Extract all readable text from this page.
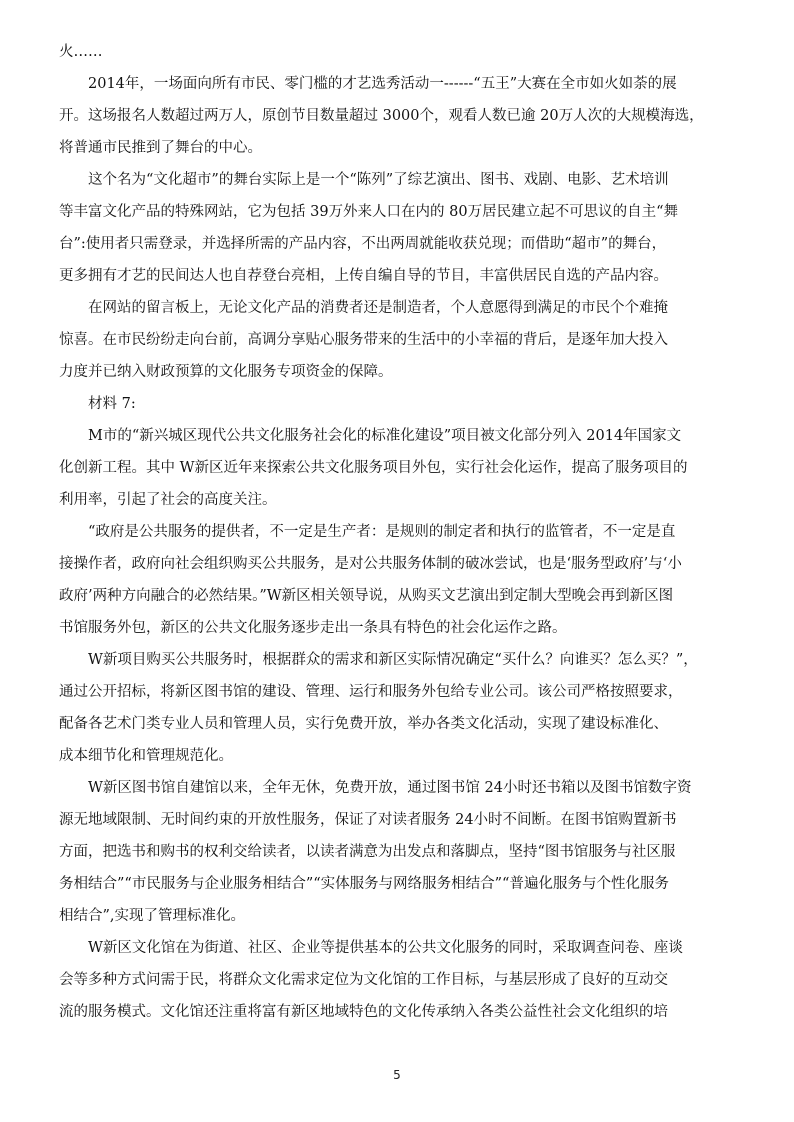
火……
2014年，一场面向所有市民、零门槛的才艺选秀活动一------“五王”大赛在全市如火如荼的展
开。这场报名人数超过两万人，原创节目数量超过 3000个，观看人数已逾 20万人次的大规模海选，
将普通市民推到了舞台的中心。
这个名为“文化超市”的舞台实际上是一个“陈列”了综艺演出、图书、戏剧、电影、艺术培训
等丰富文化产品的特殊网站，它为包括 39万外来人口在内的 80万居民建立起不可思议的自主“舞
台”:使用者只需登录，并选择所需的产品内容，不出两周就能收获兑现；而借助“超市”的舞台，
更多拥有才艺的民间达人也自荐登台亮相，上传自编自导的节目，丰富供居民自选的产品内容。
在网站的留言板上，无论文化产品的消费者还是制造者，个人意愿得到满足的市民个个难掩
惊喜。在市民纷纷走向台前，高调分享贴心服务带来的生活中的小幸福的背后，是逐年加大投入
力度并已纳入财政预算的文化服务专项资金的保障。
材料 7:
M市的“新兴城区现代公共文化服务社会化的标准化建设”项目被文化部分列入 2014年国家文
化创新工程。其中 W新区近年来探索公共文化服务项目外包，实行社会化运作，提高了服务项目的
利用率，引起了社会的高度关注。
“政府是公共服务的提供者，不一定是生产者：是规则的制定者和执行的监管者，不一定是直
接操作者，政府向社会组织购买公共服务，是对公共服务体制的破冰尝试，也是‘服务型政府’与‘小
政府’两种方向融合的必然结果。”W新区相关领导说，从购买文艺演出到定制大型晚会再到新区图
书馆服务外包，新区的公共文化服务逐步走出一条具有特色的社会化运作之路。
W新项目购买公共服务时，根据群众的需求和新区实际情况确定“买什么？向谁买？怎么买？”，
通过公开招标，将新区图书馆的建设、管理、运行和服务外包给专业公司。该公司严格按照要求，
配备各艺术门类专业人员和管理人员，实行免费开放，举办各类文化活动，实现了建设标准化、
成本细节化和管理规范化。
W新区图书馆自建馆以来，全年无休，免费开放，通过图书馆 24小时还书箱以及图书馆数字资
源无地域限制、无时间约束的开放性服务，保证了对读者服务 24小时不间断。在图书馆购置新书
方面，把选书和购书的权利交给读者，以读者满意为出发点和落脚点，坚持“图书馆服务与社区服
务相结合”“市民服务与企业服务相结合”“实体服务与网络服务相结合”“普遍化服务与个性化服务
相结合”,实现了管理标准化。
W新区文化馆在为街道、社区、企业等提供基本的公共文化服务的同时，采取调查问卷、座谈
会等多种方式问需于民，将群众文化需求定位为文化馆的工作目标，与基层形成了良好的互动交
流的服务模式。文化馆还注重将富有新区地域特色的文化传承纳入各类公益性社会文化组织的培
5
